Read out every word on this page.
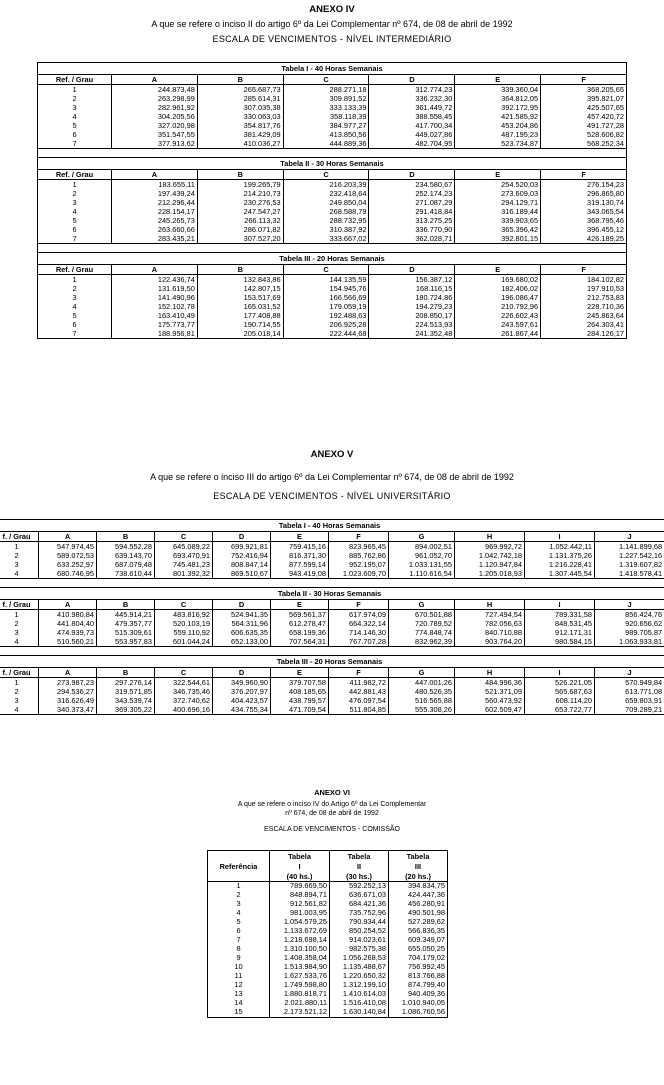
ANEXO IV

A que se refere o inciso II do artigo 6º da Lei Complementar nº 674, de 08 de abril de 1992

ESCALA DE VENCIMENTOS - NÍVEL INTERMEDIÁRIO

Tabela I - 40 Horas Semanais						
Ref. / Grau	A	B	C	D	E	F
1	244.873,48	265.687,73	288.271,18	312.774,23	339.360,04	368.205,65
2	263.298,99	285.614,31	309.891,52	336.232,30	364.812,05	395.821,07
3	282.961,92	307.035,38	333.133,39	361.449,72	392.172,95	425.507,65
4	304.205,56	330.063,03	358.118,39	388.558,45	421.585,92	457.420,72
5	327.020,98	354.817,76	384.977,27	417.700,34	453.204,86	491.727,28
6	351.547,55	381.429,09	413.850,56	449.027,86	487.195,23	528.606,82
7	377.913,62	410.036,27	444.889,36	482.704,95	523.734,87	568.252,34

Tabela II - 30 Horas Semanais						
Ref. / Grau	A	B	C	D	E	F
1	183.655,11	199.265,79	216.203,39	234.580,67	254.520,03	276.154,23
2	197.439,24	214.210,73	232.418,64	252.174,23	273.609,03	296.865,80
3	212.296,44	230.276,53	249.850,04	271.087,29	294.129,71	319.130,74
4	228.154,17	247.547,27	268.588,79	291.418,84	316.189,44	343.065,54
5	245.265,73	266.113,32	288.732,95	313.275,25	339.903,65	368.795,46
6	263.660,66	286.071,82	310.387,92	336.770,90	365.396,42	396.455,12
7	283.435,21	307.527,20	333.667,02	362.028,71	392.801,15	426.189,25

Tabela III - 20 Horas Semanais						
Ref. / Grau	A	B	C	D	E	F
1	122.436,74	132.843,86	144.135,59	156.387,12	169.680,02	184.102,82
2	131.619,50	142.807,15	154.945,76	168.116,15	182.406,02	197.910,53
3	141.490,96	153.517,69	166.566,69	180.724,86	196.086,47	212.753,83
4	152.102,78	165.031,52	179.059,19	194.279,23	210.792,96	228.710,36
5	163.410,49	177.408,88	192.488,63	208.850,17	226.602,43	245.863,64
6	175.773,77	190.714,55	206.925,28	224.513,93	243.597,61	264.303,41
7	188.956,81	205.018,14	222.444,68	241.352,48	261.867,44	284.126,17

ANEXO V

A que se refere o inciso III do artigo 6º da Lei Complementar nº 674, de 08 de abril de 1992

ESCALA DE VENCIMENTOS - NÍVEL UNIVERSITÁRIO

Tabela I - 40 Horas Semanais										
f. / Grau	A	B	C	D	E	F	G	H	I	J
1	547.974,45	594.552,28	645.089,22	699.921,81	759.415,16	823.965,45	894.002,51	969.992,72	1.052.442,11	1.141.899,68
2	589.072,53	639.143,70	693.470,91	752.416,94	816.371,30	885.762,86	961.052,70	1.042.742,18	1.131.375,26	1.227.542,16
3	633.252,97	687.079,48	745.481,23	808.847,14	877.599,14	952.195,07	1.033.131,55	1.120.947,84	1.216.228,41	1.319.607,82
4	680.746,95	738.610,44	801.392,32	869.510,67	943.419,08	1.023.609,70	1.110.616,54	1.205.018,93	1.307.445,54	1.418.578,41

Tabela II - 30 Horas Semanais										
f. / Grau	A	B	C	D	E	F	G	H	I	J
1	410.980,84	445.914,21	483.816,92	524.941,35	569.561,37	617.974,09	670.501,88	727.494,54	789.331,58	856.424,76
2	441.804,40	479.357,77	520.103,19	564.311,96	612.278,47	664.322,14	720.789,52	782.056,63	848.531,45	920.656,62
3	474.939,73	515.309,61	559.110,92	606.635,35	658.199,36	714.146,30	774.848,74	840.710,88	912.171,31	989.705,87
4	510.560,21	553.957,83	601.044,24	652.133,00	707.564,31	767.707,28	832.962,39	903.764,20	980.584,15	1.063.933,81

Tabela III - 20 Horas Semanais										
f. / Grau	A	B	C	D	E	F	G	H	I	J
1	273.987,23	297.276,14	322.544,61	349.960,90	379.707,58	411.982,72	447.001,26	484.996,36	526.221,05	570.949,84
2	294.536,27	319.571,85	346.735,46	376.207,97	408.185,65	442.881,43	480.526,35	521.371,09	565.687,63	613.771,08
3	316.626,49	343.539,74	372.740,62	404.423,57	438.799,57	476.097,54	516.565,88	560.473,92	608.114,20	659.803,91
4	340.373,47	369.305,22	400.696,16	434.755,34	471.709,54	511.804,85	555.308,26	602.509,47	653.722,77	709.289,21

ANEXO VI

A que se refere o inciso IV do Artigo 6º da Lei Complementar

nº 674, de 08 de abril de 1992

ESCALA DE VENCIMENTOS - COMISSÃO

Referência	Tabela	Tabela	Tabela
	I	II	III
	(40 hs.)	(30 hs.)	(20 hs.)
1	789.669,50	592.252,13	394.834,75
2	848.894,71	636.671,03	424.447,36
3	912.561,82	684.421,36	456.280,91
4	981.003,95	735.752,96	490.501,98
5	1.054.579,25	790.934,44	527.289,62
6	1.133.672,69	850.254,52	566.836,35
7	1.218.698,14	914.023,61	609.349,07
8	1.310.100,50	982.575,38	655.050,25
9	1.408.358,04	1.056.268,53	704.179,02
10	1.513.984,90	1.135.488,67	756.992,45
11	1.627.533,76	1.220.650,32	813.766,88
12	1.749.598,80	1.312.199,10	874.799,40
13	1.880.818,71	1.410.614,03	940.409,36
14	2.021.880,11	1.516.410,08	1.010.940,05
15	2.173.521,12	1.630.140,84	1.086.760,56
